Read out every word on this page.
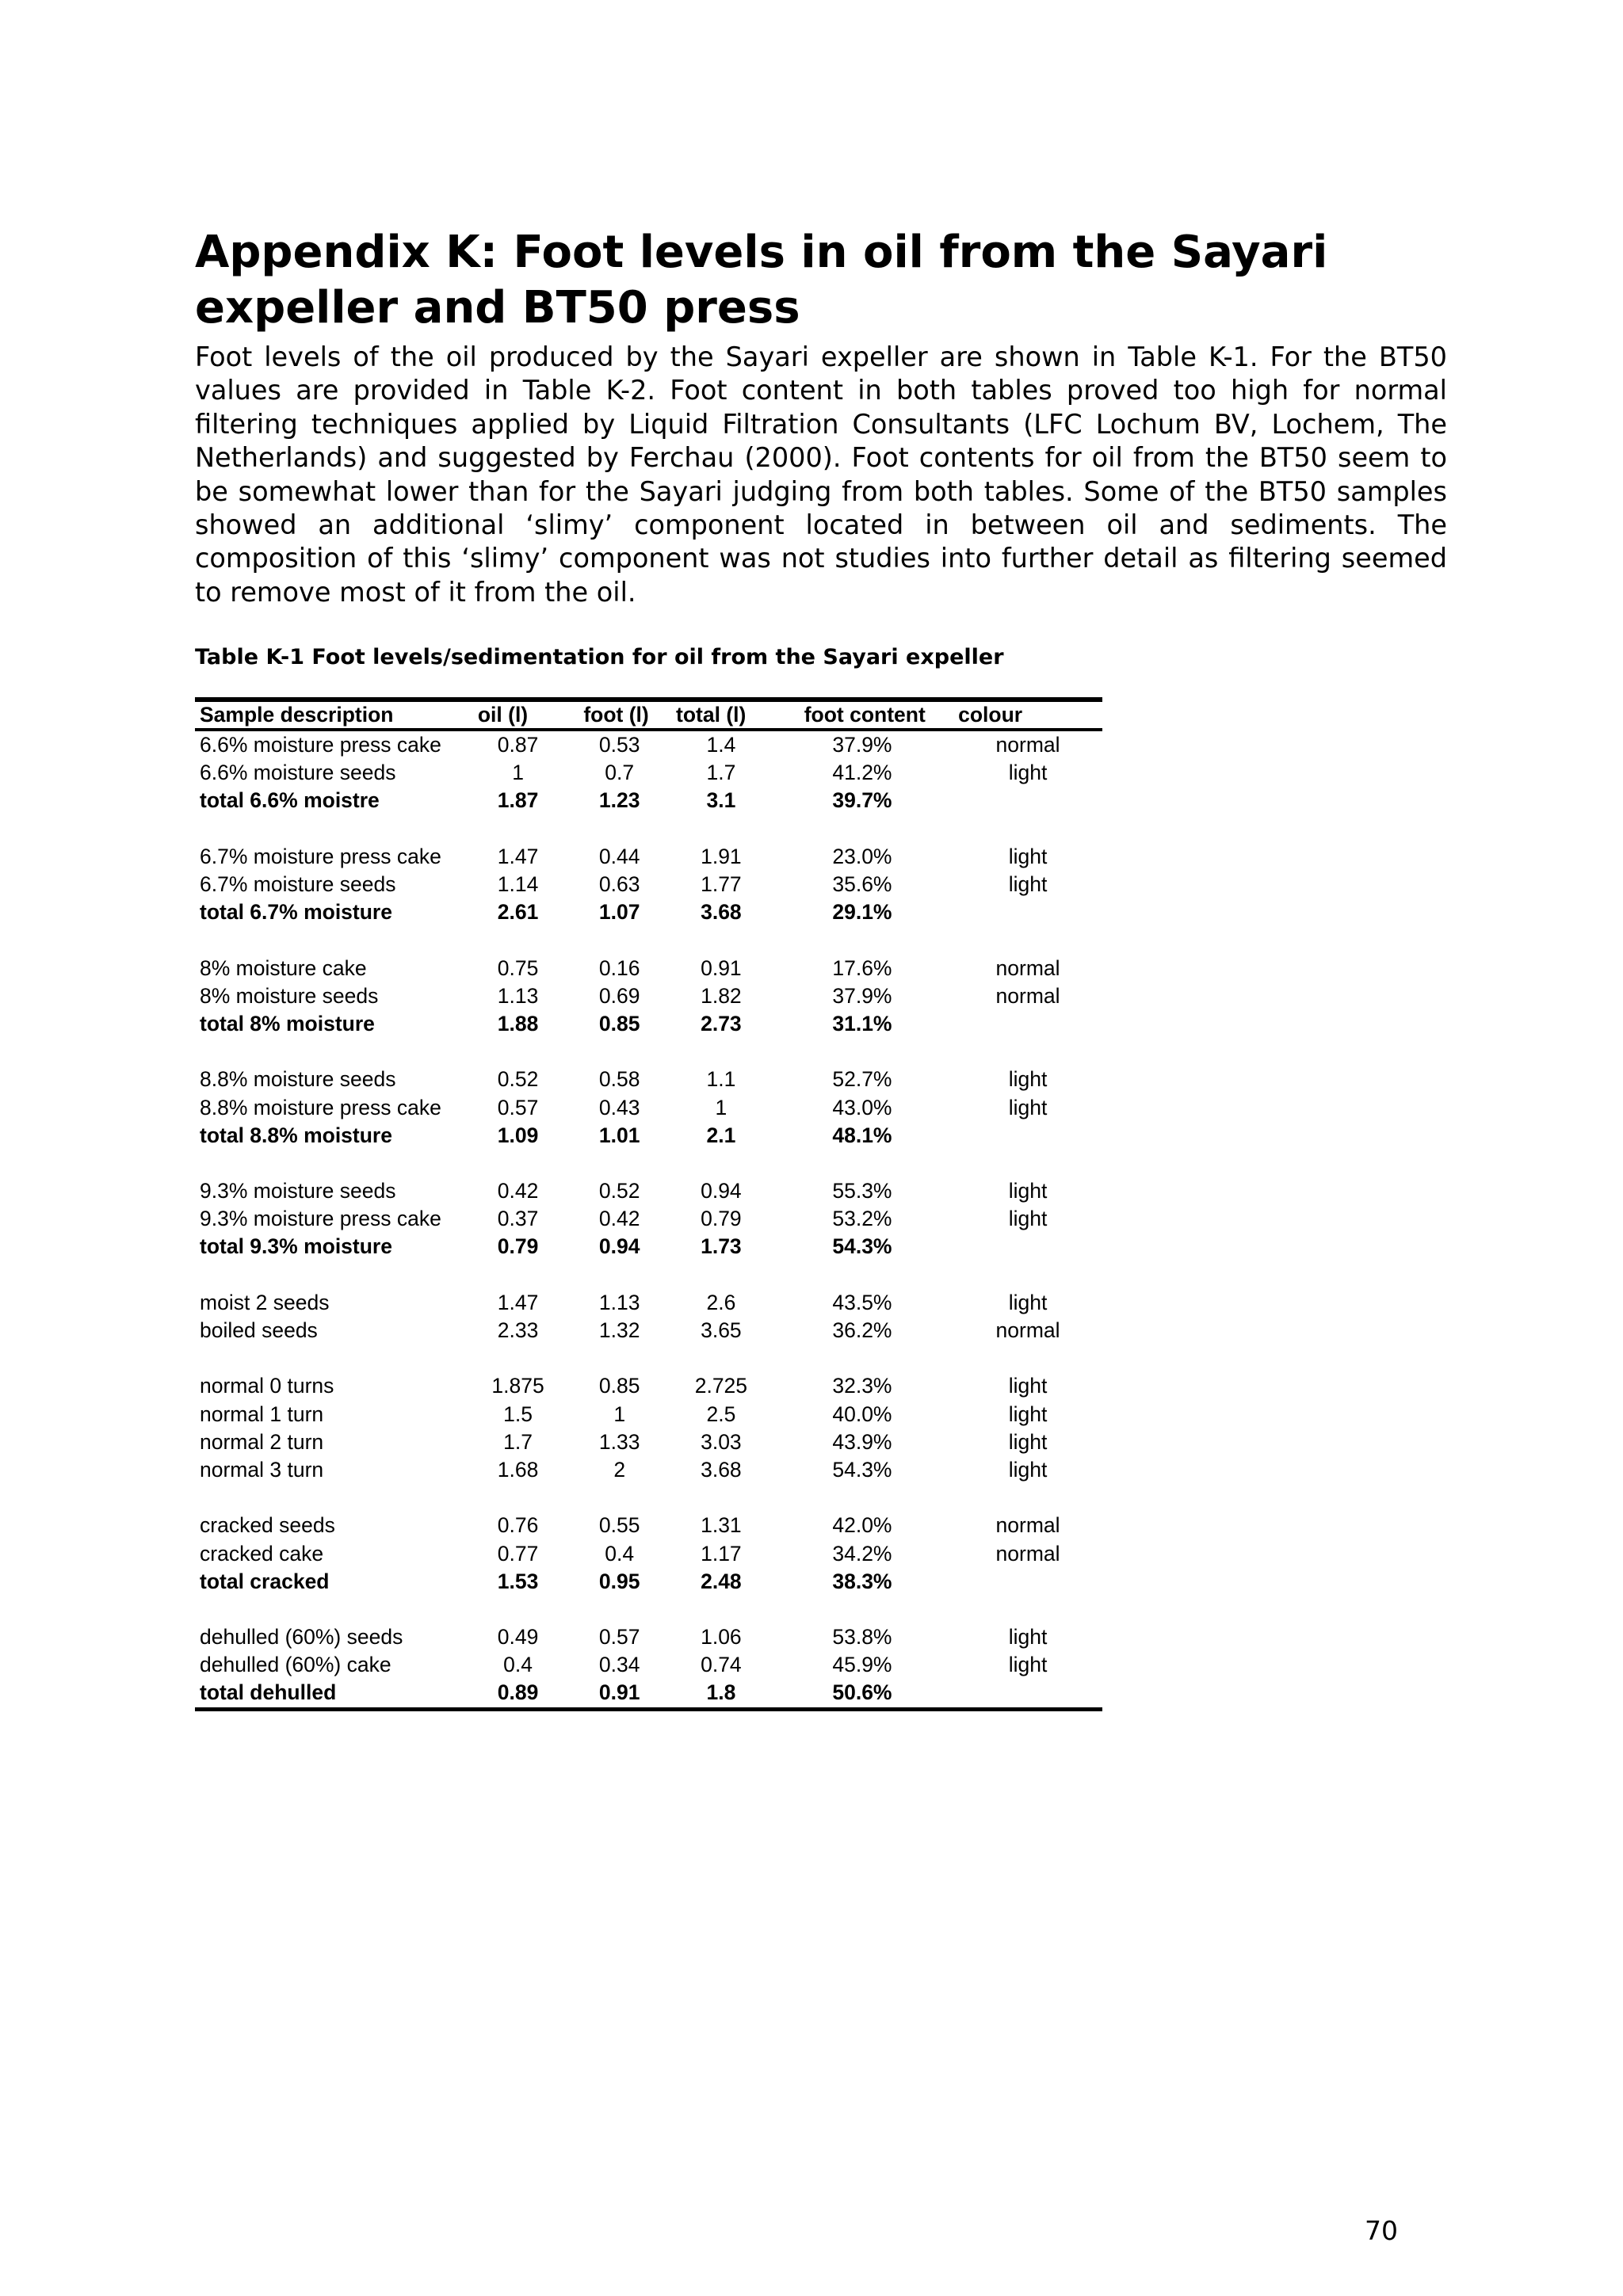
Appendix K: Foot levels in oil from the Sayari expeller and BT50 press

Foot levels of the oil produced by the Sayari expeller are shown in Table K-1. For the BT50 values are provided in Table K-2. Foot content in both tables proved too high for normal filtering techniques applied by Liquid Filtration Consultants (LFC Lochum BV, Lochem, The Netherlands) and suggested by Ferchau (2000). Foot contents for oil from the BT50 seem to be somewhat lower than for the Sayari judging from both tables. Some of the BT50 samples showed an additional ‘slimy’ component located in between oil and sediments. The composition of this ‘slimy’ component was not studies into further detail as filtering seemed to remove most of it from the oil.

Table K-1 Foot levels/sedimentation for oil from the Sayari expeller

Sample description	oil (l)	foot (l)	total (l)	foot content	colour
6.6% moisture press cake	0.87	0.53	1.4	37.9%	normal
6.6% moisture seeds	1	0.7	1.7	41.2%	light
total 6.6% moistre	1.87	1.23	3.1	39.7%	

6.7% moisture press cake	1.47	0.44	1.91	23.0%	light
6.7% moisture seeds	1.14	0.63	1.77	35.6%	light
total 6.7% moisture	2.61	1.07	3.68	29.1%	

8% moisture cake	0.75	0.16	0.91	17.6%	normal
8% moisture seeds	1.13	0.69	1.82	37.9%	normal
total 8% moisture	1.88	0.85	2.73	31.1%	

8.8% moisture seeds	0.52	0.58	1.1	52.7%	light
8.8% moisture press cake	0.57	0.43	1	43.0%	light
total 8.8% moisture	1.09	1.01	2.1	48.1%	

9.3% moisture seeds	0.42	0.52	0.94	55.3%	light
9.3% moisture press cake	0.37	0.42	0.79	53.2%	light
total 9.3% moisture	0.79	0.94	1.73	54.3%	

moist 2 seeds	1.47	1.13	2.6	43.5%	light
boiled seeds	2.33	1.32	3.65	36.2%	normal

normal 0 turns	1.875	0.85	2.725	32.3%	light
normal 1 turn	1.5	1	2.5	40.0%	light
normal 2 turn	1.7	1.33	3.03	43.9%	light
normal 3 turn	1.68	2	3.68	54.3%	light

cracked seeds	0.76	0.55	1.31	42.0%	normal
cracked cake	0.77	0.4	1.17	34.2%	normal
total cracked	1.53	0.95	2.48	38.3%	

dehulled (60%) seeds	0.49	0.57	1.06	53.8%	light
dehulled (60%) cake	0.4	0.34	0.74	45.9%	light
total dehulled	0.89	0.91	1.8	50.6%	
70
